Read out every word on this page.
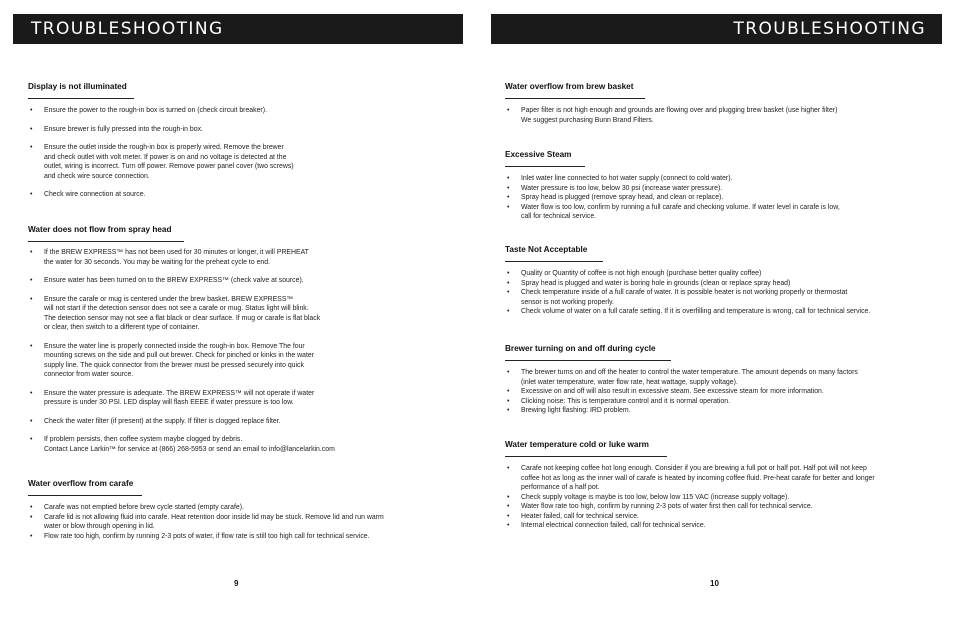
TROUBLESHOOTING
Display is not illuminated
• Ensure the power to the rough-in box is turned on (check circuit breaker).
• Ensure brewer is fully pressed into the rough-in box.
• Ensure the outlet inside the rough-in box is properly wired. Remove the brewer
and check outlet with volt meter. If power is on and no voltage is detected at the
outlet, wiring is incorrect. Turn off power. Remove power panel cover (two screws)
and check wire source connection.
• Check wire connection at source.
Water does not flow from spray head
• If the BREW EXPRESS™ has not been used for 30 minutes or longer, it will PREHEAT
the water for 30 seconds. You may be waiting for the preheat cycle to end.
• Ensure water has been turned on to the BREW EXPRESS™ (check valve at source).
• Ensure the carafe or mug is centered under the brew basket. BREW EXPRESS™
will not start if the detection sensor does not see a carafe or mug. Status light will blink.
The detection sensor may not see a flat black or clear surface. If mug or carafe is flat black
or clear, then switch to a different type of container.
• Ensure the water line is properly connected inside the rough-in box. Remove The four
mounting screws on the side and pull out brewer. Check for pinched or kinks in the water
supply line. The quick connector from the brewer must be pressed securely into quick
connector from water source.
• Ensure the water pressure is adequate. The BREW EXPRESS™ will not operate if water
pressure is under 30 PSI. LED display will flash EEEE if water pressure is too low.
• Check the water filter (if present) at the supply. If filter is clogged replace filter.
• If problem persists, then coffee system maybe clogged by debris.
Contact Lance Larkin™ for service at (866) 268-5953 or send an email to info@lancelarkin.com
Water overflow from carafe
• Carafe was not emptied before brew cycle started (empty carafe).
• Carafe lid is not allowing fluid into carafe. Heat retention door inside lid may be stuck. Remove lid and run warm
water or blow through opening in lid.
• Flow rate too high, confirm by running 2-3 pots of water, if flow rate is still too high call for technical service.
9
TROUBLESHOOTING
Water overflow from brew basket
• Paper filter is not high enough and grounds are flowing over and plugging brew basket (use higher filter)
We suggest purchasing Bunn Brand Filters.
Excessive Steam
• Inlet water line connected to hot water supply (connect to cold water).
• Water pressure is too low, below 30 psi (increase water pressure).
• Spray head is plugged (remove spray head, and clean or replace).
• Water flow is too low, confirm by running a full carafe and checking volume. If water level in carafe is low,
call for technical service.
Taste Not Acceptable
• Quality or Quantity of coffee is not high enough (purchase better quality coffee)
• Spray head is plugged and water is boring hole in grounds (clean or replace spray head)
• Check temperature inside of a full carafe of water. It is possible heater is not working properly or thermostat
sensor is not working properly.
• Check volume of water on a full carafe setting. If it is overfilling and temperature is wrong, call for technical service.
Brewer turning on and off during cycle
• The brewer turns on and off the heater to control the water temperature. The amount depends on many factors
(inlet water temperature, water flow rate, heat wattage, supply voltage).
• Excessive on and off will also result in excessive steam. See excessive steam for more information.
• Clicking noise: This is temperature control and it is normal operation.
• Brewing light flashing: IRD problem.
Water temperature cold or luke warm
• Carafe not keeping coffee hot long enough. Consider if you are brewing a full pot or half pot. Half pot will not keep
coffee hot as long as the inner wall of carafe is heated by incoming coffee fluid. Pre-heat carafe for better and longer
performance of a half pot.
• Check supply voltage is maybe is too low, below low 115 VAC (increase supply voltage).
• Water flow rate too high, confirm by running 2-3 pots of water first then call for technical service.
• Heater failed, call for technical service.
• Internal electrical connection failed, call for technical service.
10
